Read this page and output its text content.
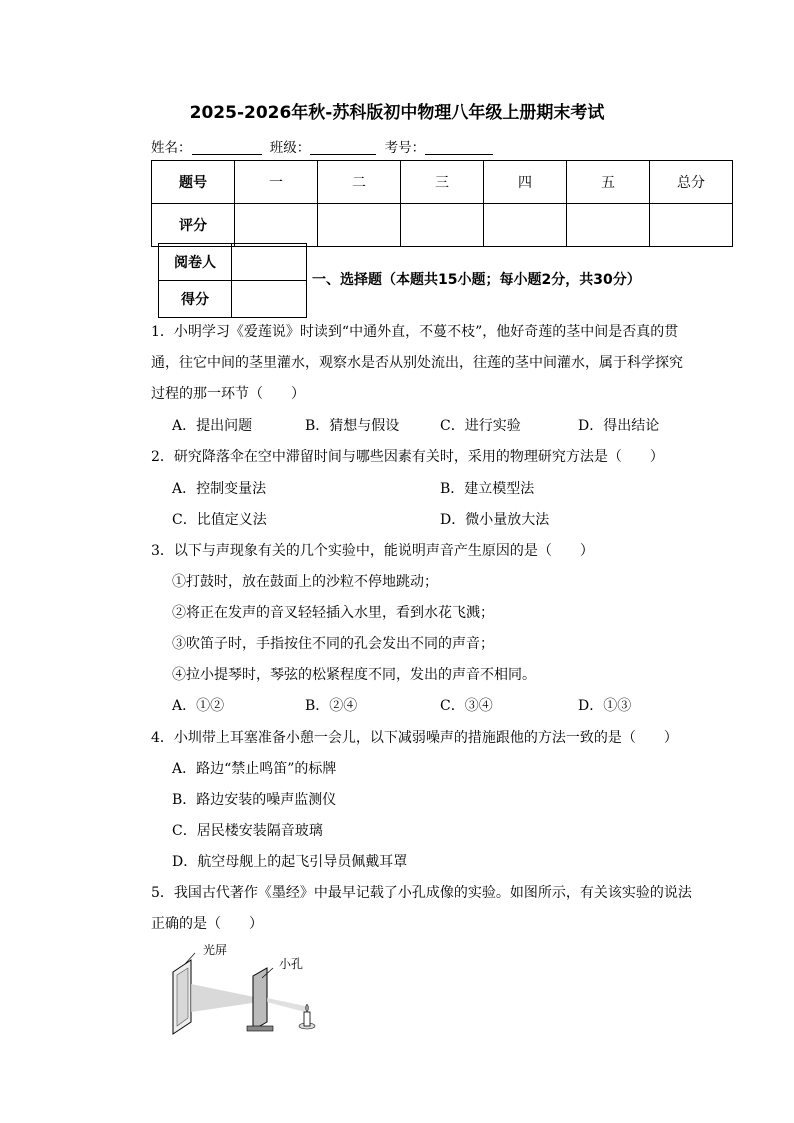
2025-2026年秋-苏科版初中物理八年级上册期末考试
姓名：	班级：	考号：
题号	一	二	三	四	五	总分
评分						
阅卷人	
得分	
一、选择题（本题共15小题；每小题2分，共30分）
1．小明学习《爱莲说》时读到“中通外直，不蔓不枝”，他好奇莲的茎中间是否真的贯
通，往它中间的茎里灌水，观察水是否从别处流出，往莲的茎中间灌水，属于科学探究
过程的那一环节（　　）
A．提出问题	B．猜想与假设	C．进行实验	D．得出结论
2．研究降落伞在空中滞留时间与哪些因素有关时，采用的物理研究方法是（　　）
A．控制变量法	B．建立模型法
C．比值定义法	D．微小量放大法
3．以下与声现象有关的几个实验中，能说明声音产生原因的是（　　）
①打鼓时，放在鼓面上的沙粒不停地跳动；
②将正在发声的音叉轻轻插入水里，看到水花飞溅；
③吹笛子时，手指按住不同的孔会发出不同的声音；
④拉小提琴时，琴弦的松紧程度不同，发出的声音不相同。
A．①②	B．②④	C．③④	D．①③
4．小圳带上耳塞准备小憩一会儿，以下减弱噪声的措施跟他的方法一致的是（　　）
A．路边“禁止鸣笛”的标牌
B．路边安装的噪声监测仪
C．居民楼安装隔音玻璃
D．航空母舰上的起飞引导员佩戴耳罩
5．我国古代著作《墨经》中最早记载了小孔成像的实验。如图所示，有关该实验的说法
正确的是（　　）
光屏
小孔
